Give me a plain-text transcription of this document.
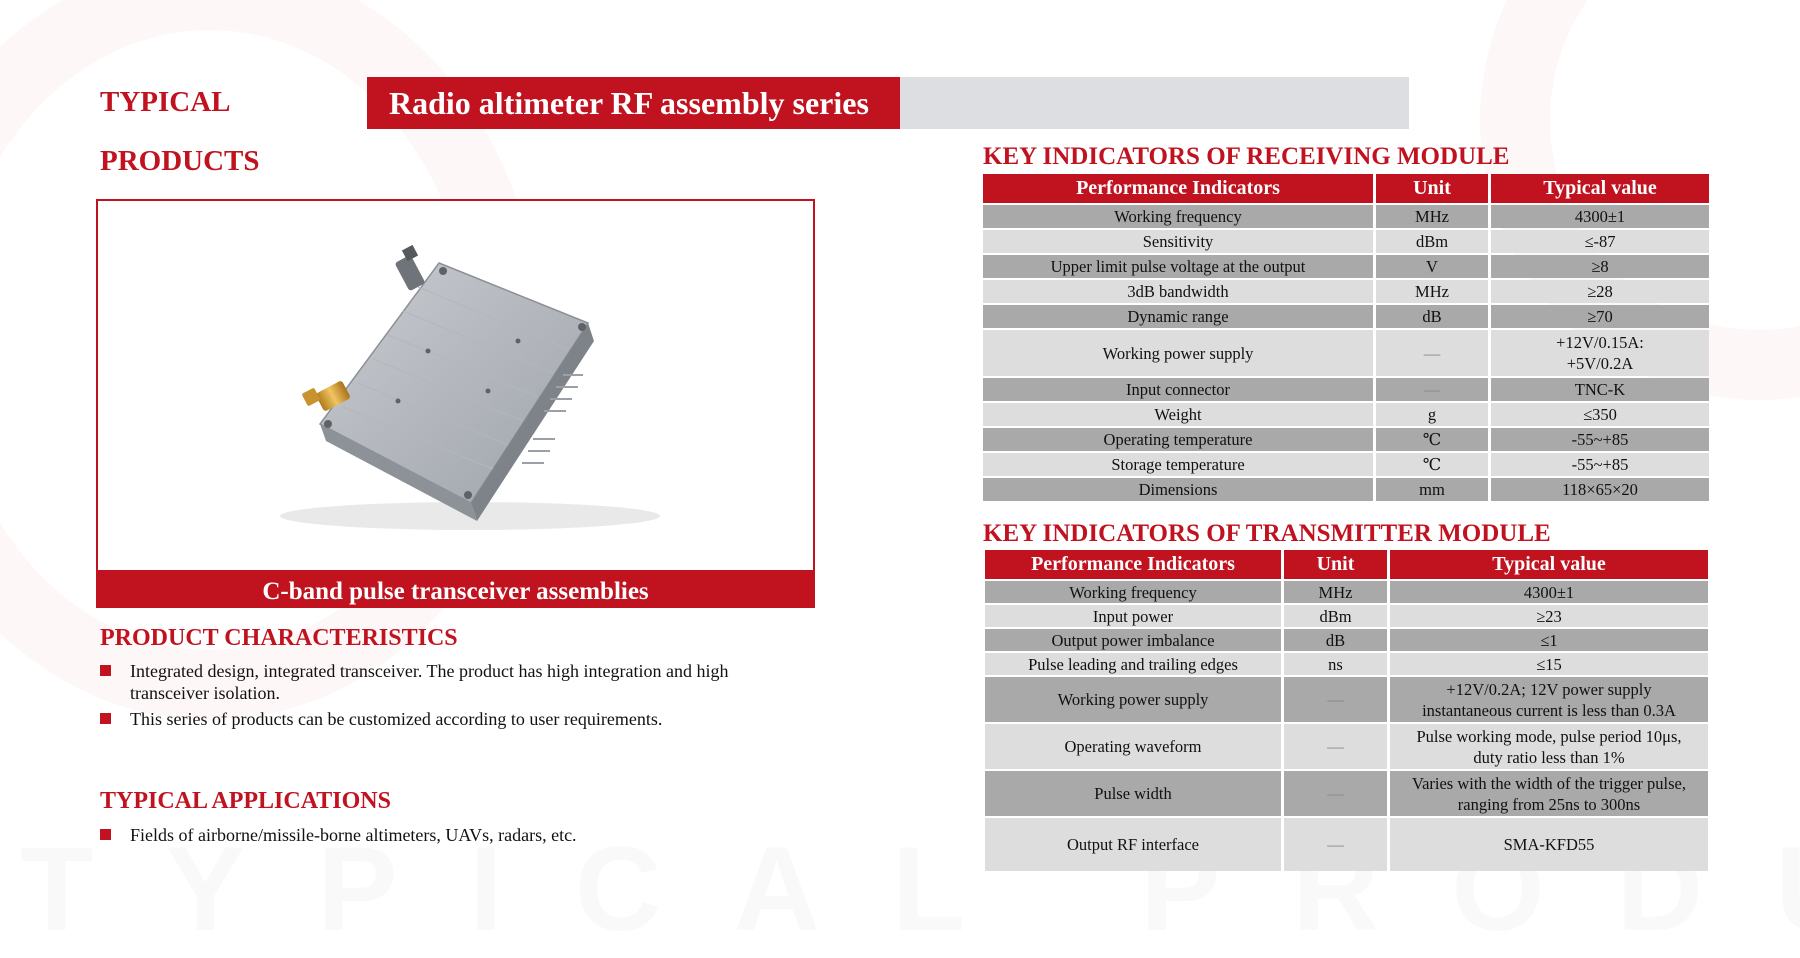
TYPICAL
PRODUCTS
Radio altimeter RF assembly series
C-band pulse transceiver assemblies
PRODUCT CHARACTERISTICS
Integrated design, integrated transceiver. The product has high integration and high transceiver isolation.
This series of products can be customized according to user requirements.
TYPICAL APPLICATIONS
Fields of airborne/missile-borne altimeters, UAVs, radars, etc.
KEY INDICATORS OF RECEIVING MODULE
Performance Indicators	Unit	Typical value
Working frequency	MHz	4300±1
Sensitivity	dBm	≤-87
Upper limit pulse voltage at the output	V	≥8
3dB bandwidth	MHz	≥28
Dynamic range	dB	≥70
Working power supply	—	+12V/0.15A:
+5V/0.2A
Input connector	—	TNC-K
Weight	g	≤350
Operating temperature	℃	-55~+85
Storage temperature	℃	-55~+85
Dimensions	mm	118×65×20
KEY INDICATORS OF TRANSMITTER MODULE
Performance Indicators	Unit	Typical value
Working frequency	MHz	4300±1
Input power	dBm	≥23
Output power imbalance	dB	≤1
Pulse leading and trailing edges	ns	≤15
Working power supply	—	+12V/0.2A; 12V power supply
instantaneous current is less than 0.3A
Operating waveform	—	Pulse working mode, pulse period 10μs,
duty ratio less than 1%
Pulse width	—	Varies with the width of the trigger pulse,
ranging from 25ns to 300ns
Output RF interface	—	SMA-KFD55
